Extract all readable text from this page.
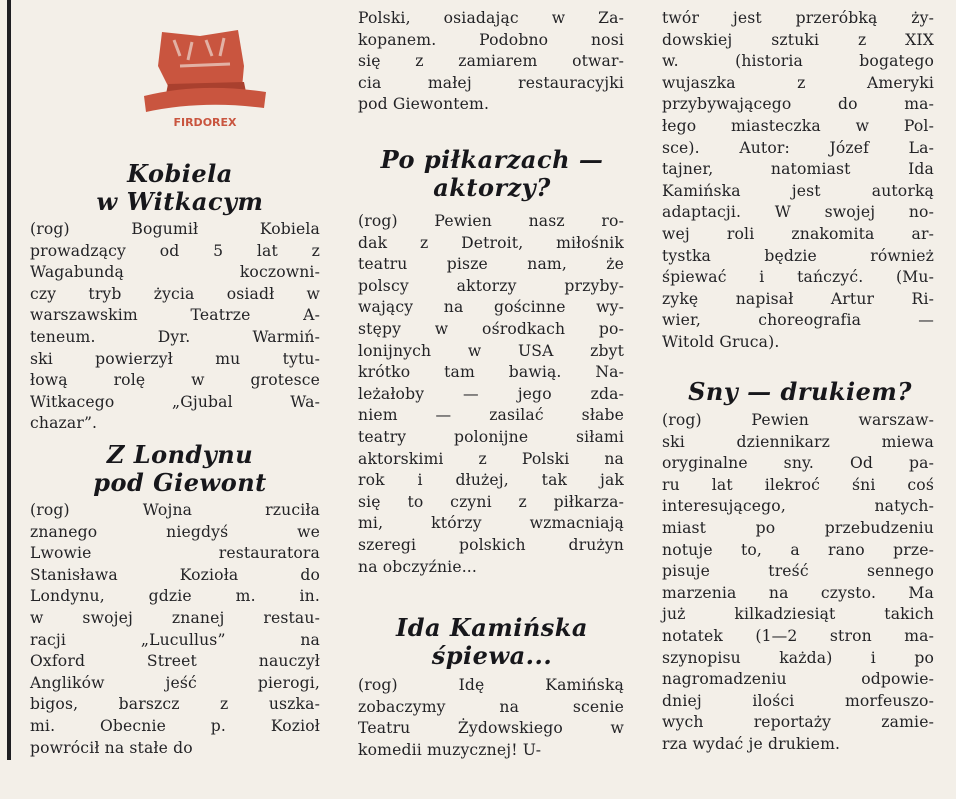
FIRDOREX
Kobiela
w Witkacym
(rog) Bogumił Kobiela
prowadzący od 5 lat z
Wagabundą koczowni-
czy tryb życia osiadł w
warszawskim Teatrze A-
teneum. Dyr. Warmiń-
ski powierzył mu tytu-
łową rolę w grotesce
Witkacego „Gjubal Wa-
chazar”.
Z Londynu
pod Giewont
(rog) Wojna rzuciła
znanego niegdyś we
Lwowie restauratora
Stanisława Kozioła do
Londynu, gdzie m. in.
w swojej znanej restau-
racji „Lucullus” na
Oxford Street nauczył
Anglików jeść pierogi,
bigos, barszcz z uszka-
mi. Obecnie p. Kozioł
powrócił na stałe do
Polski, osiadając w Za-
kopanem. Podobno nosi
się z zamiarem otwar-
cia małej restauracyjki
pod Giewontem.
Po piłkarzach —
aktorzy?
(rog) Pewien nasz ro-
dak z Detroit, miłośnik
teatru pisze nam, że
polscy aktorzy przyby-
wający na gościnne wy-
stępy w ośrodkach po-
lonijnych w USA zbyt
krótko tam bawią. Na-
leżałoby — jego zda-
niem — zasilać słabe
teatry polonijne siłami
aktorskimi z Polski na
rok i dłużej, tak jak
się to czyni z piłkarza-
mi, którzy wzmacniają
szeregi polskich drużyn
na obczyźnie...
Ida Kamińska
śpiewa...
(rog) Idę Kamińską
zobaczymy na scenie
Teatru Żydowskiego w
komedii muzycznej! U-
twór jest przeróbką ży-
dowskiej sztuki z XIX
w. (historia bogatego
wujaszka z Ameryki
przybywającego do ma-
łego miasteczka w Pol-
sce). Autor: Józef La-
tajner, natomiast Ida
Kamińska jest autorką
adaptacji. W swojej no-
wej roli znakomita ar-
tystka będzie również
śpiewać i tańczyć. (Mu-
zykę napisał Artur Ri-
wier, choreografia —
Witold Gruca).
Sny — drukiem?
(rog) Pewien warszaw-
ski dziennikarz miewa
oryginalne sny. Od pa-
ru lat ilekroć śni coś
interesującego, natych-
miast po przebudzeniu
notuje to, a rano prze-
pisuje treść sennego
marzenia na czysto. Ma
już kilkadziesiąt takich
notatek (1—2 stron ma-
szynopisu każda) i po
nagromadzeniu odpowie-
dniej ilości morfeuszo-
wych reportaży zamie-
rza wydać je drukiem.
